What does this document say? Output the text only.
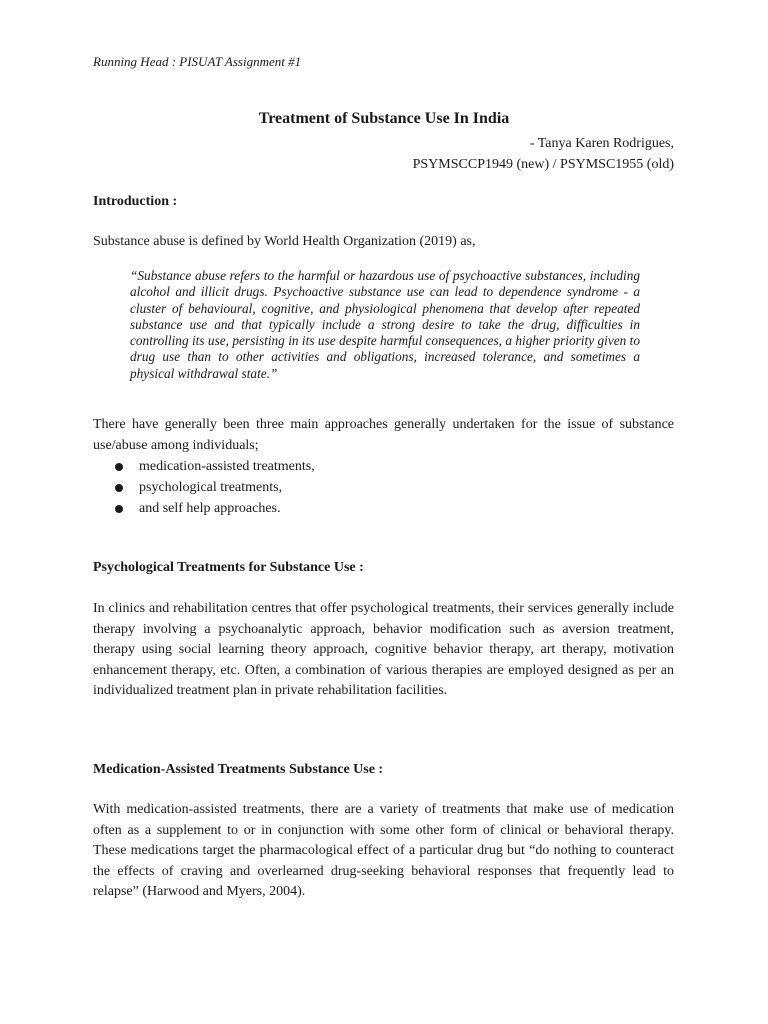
Running Head : PISUAT Assignment #1
Treatment of Substance Use In India
- Tanya Karen Rodrigues,
PSYMSCCP1949 (new) / PSYMSC1955 (old)
Introduction :
Substance abuse is defined by World Health Organization (2019) as,
“Substance abuse refers to the harmful or hazardous use of psychoactive substances, including alcohol and illicit drugs. Psychoactive substance use can lead to dependence syndrome - a cluster of behavioural, cognitive, and physiological phenomena that develop after repeated substance use and that typically include a strong desire to take the drug, difficulties in controlling its use, persisting in its use despite harmful consequences, a higher priority given to drug use than to other activities and obligations, increased tolerance, and sometimes a physical withdrawal state.”
There have generally been three main approaches generally undertaken for the issue of substance use/abuse among individuals;
medication-assisted treatments,
psychological treatments,
and self help approaches.
Psychological Treatments for Substance Use :
In clinics and rehabilitation centres that offer psychological treatments, their services generally include therapy involving a psychoanalytic approach, behavior modification such as aversion treatment, therapy using social learning theory approach, cognitive behavior therapy, art therapy, motivation enhancement therapy, etc. Often, a combination of various therapies are employed designed as per an individualized treatment plan in private rehabilitation facilities.
Medication-Assisted Treatments Substance Use :
With medication-assisted treatments, there are a variety of treatments that make use of medication often as a supplement to or in conjunction with some other form of clinical or behavioral therapy. These medications target the pharmacological effect of a particular drug but “do nothing to counteract the effects of craving and overlearned drug-seeking behavioral responses that frequently lead to relapse” (Harwood and Myers, 2004).
